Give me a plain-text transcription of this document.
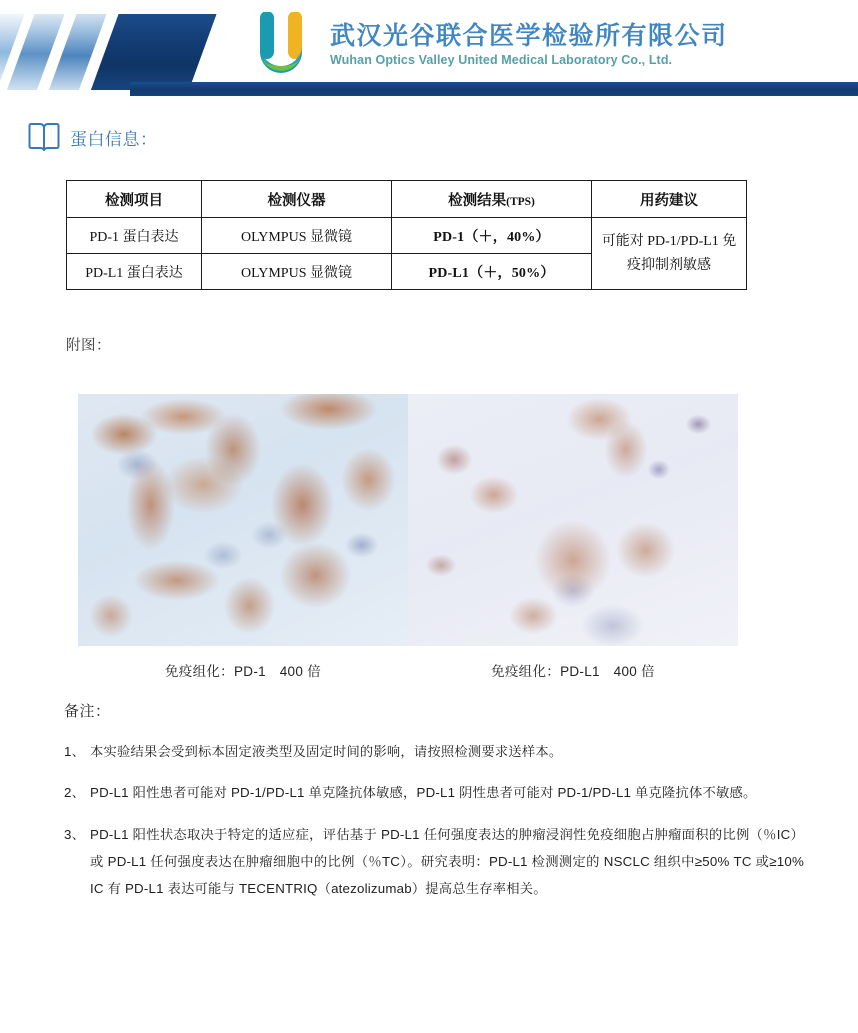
武汉光谷联合医学检验所有限公司
Wuhan Optics Valley United Medical Laboratory Co., Ltd.
蛋白信息：
检测项目	检测仪器	检测结果(TPS)	用药建议
PD-1 蛋白表达	OLYMPUS 显微镜	PD-1（＋，40%）	可能对 PD-1/PD-L1 免疫抑制剂敏感
PD-L1 蛋白表达	OLYMPUS 显微镜	PD-L1（＋，50%）	
附图：
免疫组化：PD-1　400 倍	免疫组化：PD-L1　400 倍
备注：
1、 本实验结果会受到标本固定液类型及固定时间的影响，请按照检测要求送样本。
2、 PD-L1 阳性患者可能对 PD-1/PD-L1 单克隆抗体敏感，PD-L1 阴性患者可能对 PD-1/PD-L1 单克隆抗体不敏感。
3、 PD-L1 阳性状态取决于特定的适应症，评估基于 PD-L1 任何强度表达的肿瘤浸润性免疫细胞占肿瘤面积的比例（％IC）或 PD-L1 任何强度表达在肿瘤细胞中的比例（％TC）。研究表明：PD-L1 检测测定的 NSCLC 组织中≥50% TC 或≥10% IC 有 PD-L1 表达可能与 TECENTRIQ（atezolizumab）提高总生存率相关。
